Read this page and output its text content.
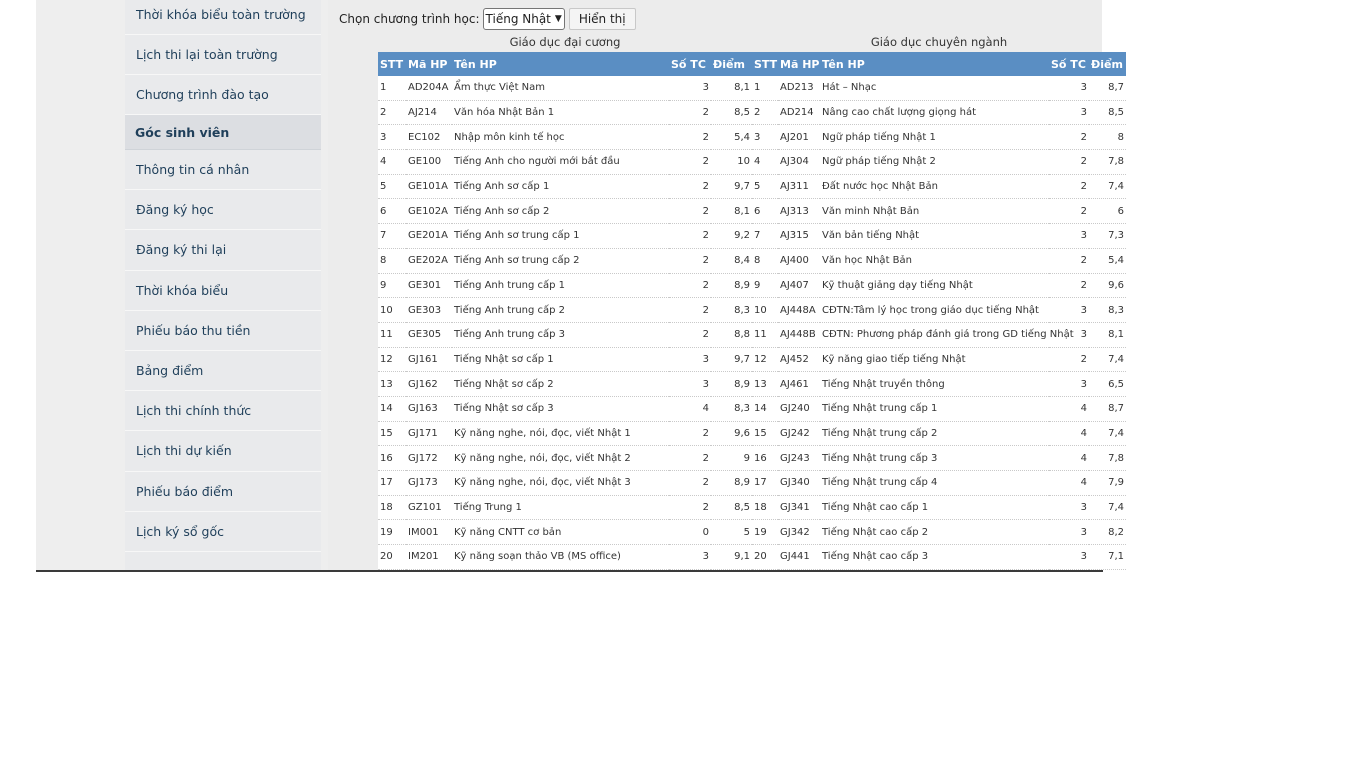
Thời khóa biểu toàn trường
Lịch thi lại toàn trường
Chương trình đào tạo
Góc sinh viên
Thông tin cá nhân
Đăng ký học
Đăng ký thi lại
Thời khóa biểu
Phiếu báo thu tiền
Bảng điểm
Lịch thi chính thức
Lịch thi dự kiến
Phiếu báo điểm
Lịch ký sổ gốc
Chọn chương trình học: Tiếng Nhật ▼	Hiển thị
Giáo dục đại cương	Giáo dục chuyên ngành
STT	Mã HP	Tên HP	Số TC	Điểm
1	AD204A	Ẩm thực Việt Nam	3	8,1
2	AJ214	Văn hóa Nhật Bản 1	2	8,5
3	EC102	Nhập môn kinh tế học	2	5,4
4	GE100	Tiếng Anh cho người mới bắt đầu	2	10
5	GE101A	Tiếng Anh sơ cấp 1	2	9,7
6	GE102A	Tiếng Anh sơ cấp 2	2	8,1
7	GE201A	Tiếng Anh sơ trung cấp 1	2	9,2
8	GE202A	Tiếng Anh sơ trung cấp 2	2	8,4
9	GE301	Tiếng Anh trung cấp 1	2	8,9
10	GE303	Tiếng Anh trung cấp 2	2	8,3
11	GE305	Tiếng Anh trung cấp 3	2	8,8
12	GJ161	Tiếng Nhật sơ cấp 1	3	9,7
13	GJ162	Tiếng Nhật sơ cấp 2	3	8,9
14	GJ163	Tiếng Nhật sơ cấp 3	4	8,3
15	GJ171	Kỹ năng nghe, nói, đọc, viết Nhật 1	2	9,6
16	GJ172	Kỹ năng nghe, nói, đọc, viết Nhật 2	2	9
17	GJ173	Kỹ năng nghe, nói, đọc, viết Nhật 3	2	8,9
18	GZ101	Tiếng Trung 1	2	8,5
19	IM001	Kỹ năng CNTT cơ bản	0	5
20	IM201	Kỹ năng soạn thảo VB (MS office)	3	9,1
STT	Mã HP	Tên HP	Số TC	Điểm
1	AD213	Hát – Nhạc	3	8,7
2	AD214	Nâng cao chất lượng giọng hát	3	8,5
3	AJ201	Ngữ pháp tiếng Nhật 1	2	8
4	AJ304	Ngữ pháp tiếng Nhật 2	2	7,8
5	AJ311	Đất nước học Nhật Bản	2	7,4
6	AJ313	Văn minh Nhật Bản	2	6
7	AJ315	Văn bản tiếng Nhật	3	7,3
8	AJ400	Văn học Nhật Bản	2	5,4
9	AJ407	Kỹ thuật giảng dạy tiếng Nhật	2	9,6
10	AJ448A	CĐTN:Tâm lý học trong giáo dục tiếng Nhật	3	8,3
11	AJ448B	CĐTN: Phương pháp đánh giá trong GD tiếng Nhật	3	8,1
12	AJ452	Kỹ năng giao tiếp tiếng Nhật	2	7,4
13	AJ461	Tiếng Nhật truyền thông	3	6,5
14	GJ240	Tiếng Nhật trung cấp 1	4	8,7
15	GJ242	Tiếng Nhật trung cấp 2	4	7,4
16	GJ243	Tiếng Nhật trung cấp 3	4	7,8
17	GJ340	Tiếng Nhật trung cấp 4	4	7,9
18	GJ341	Tiếng Nhật cao cấp 1	3	7,4
19	GJ342	Tiếng Nhật cao cấp 2	3	8,2
20	GJ441	Tiếng Nhật cao cấp 3	3	7,1
